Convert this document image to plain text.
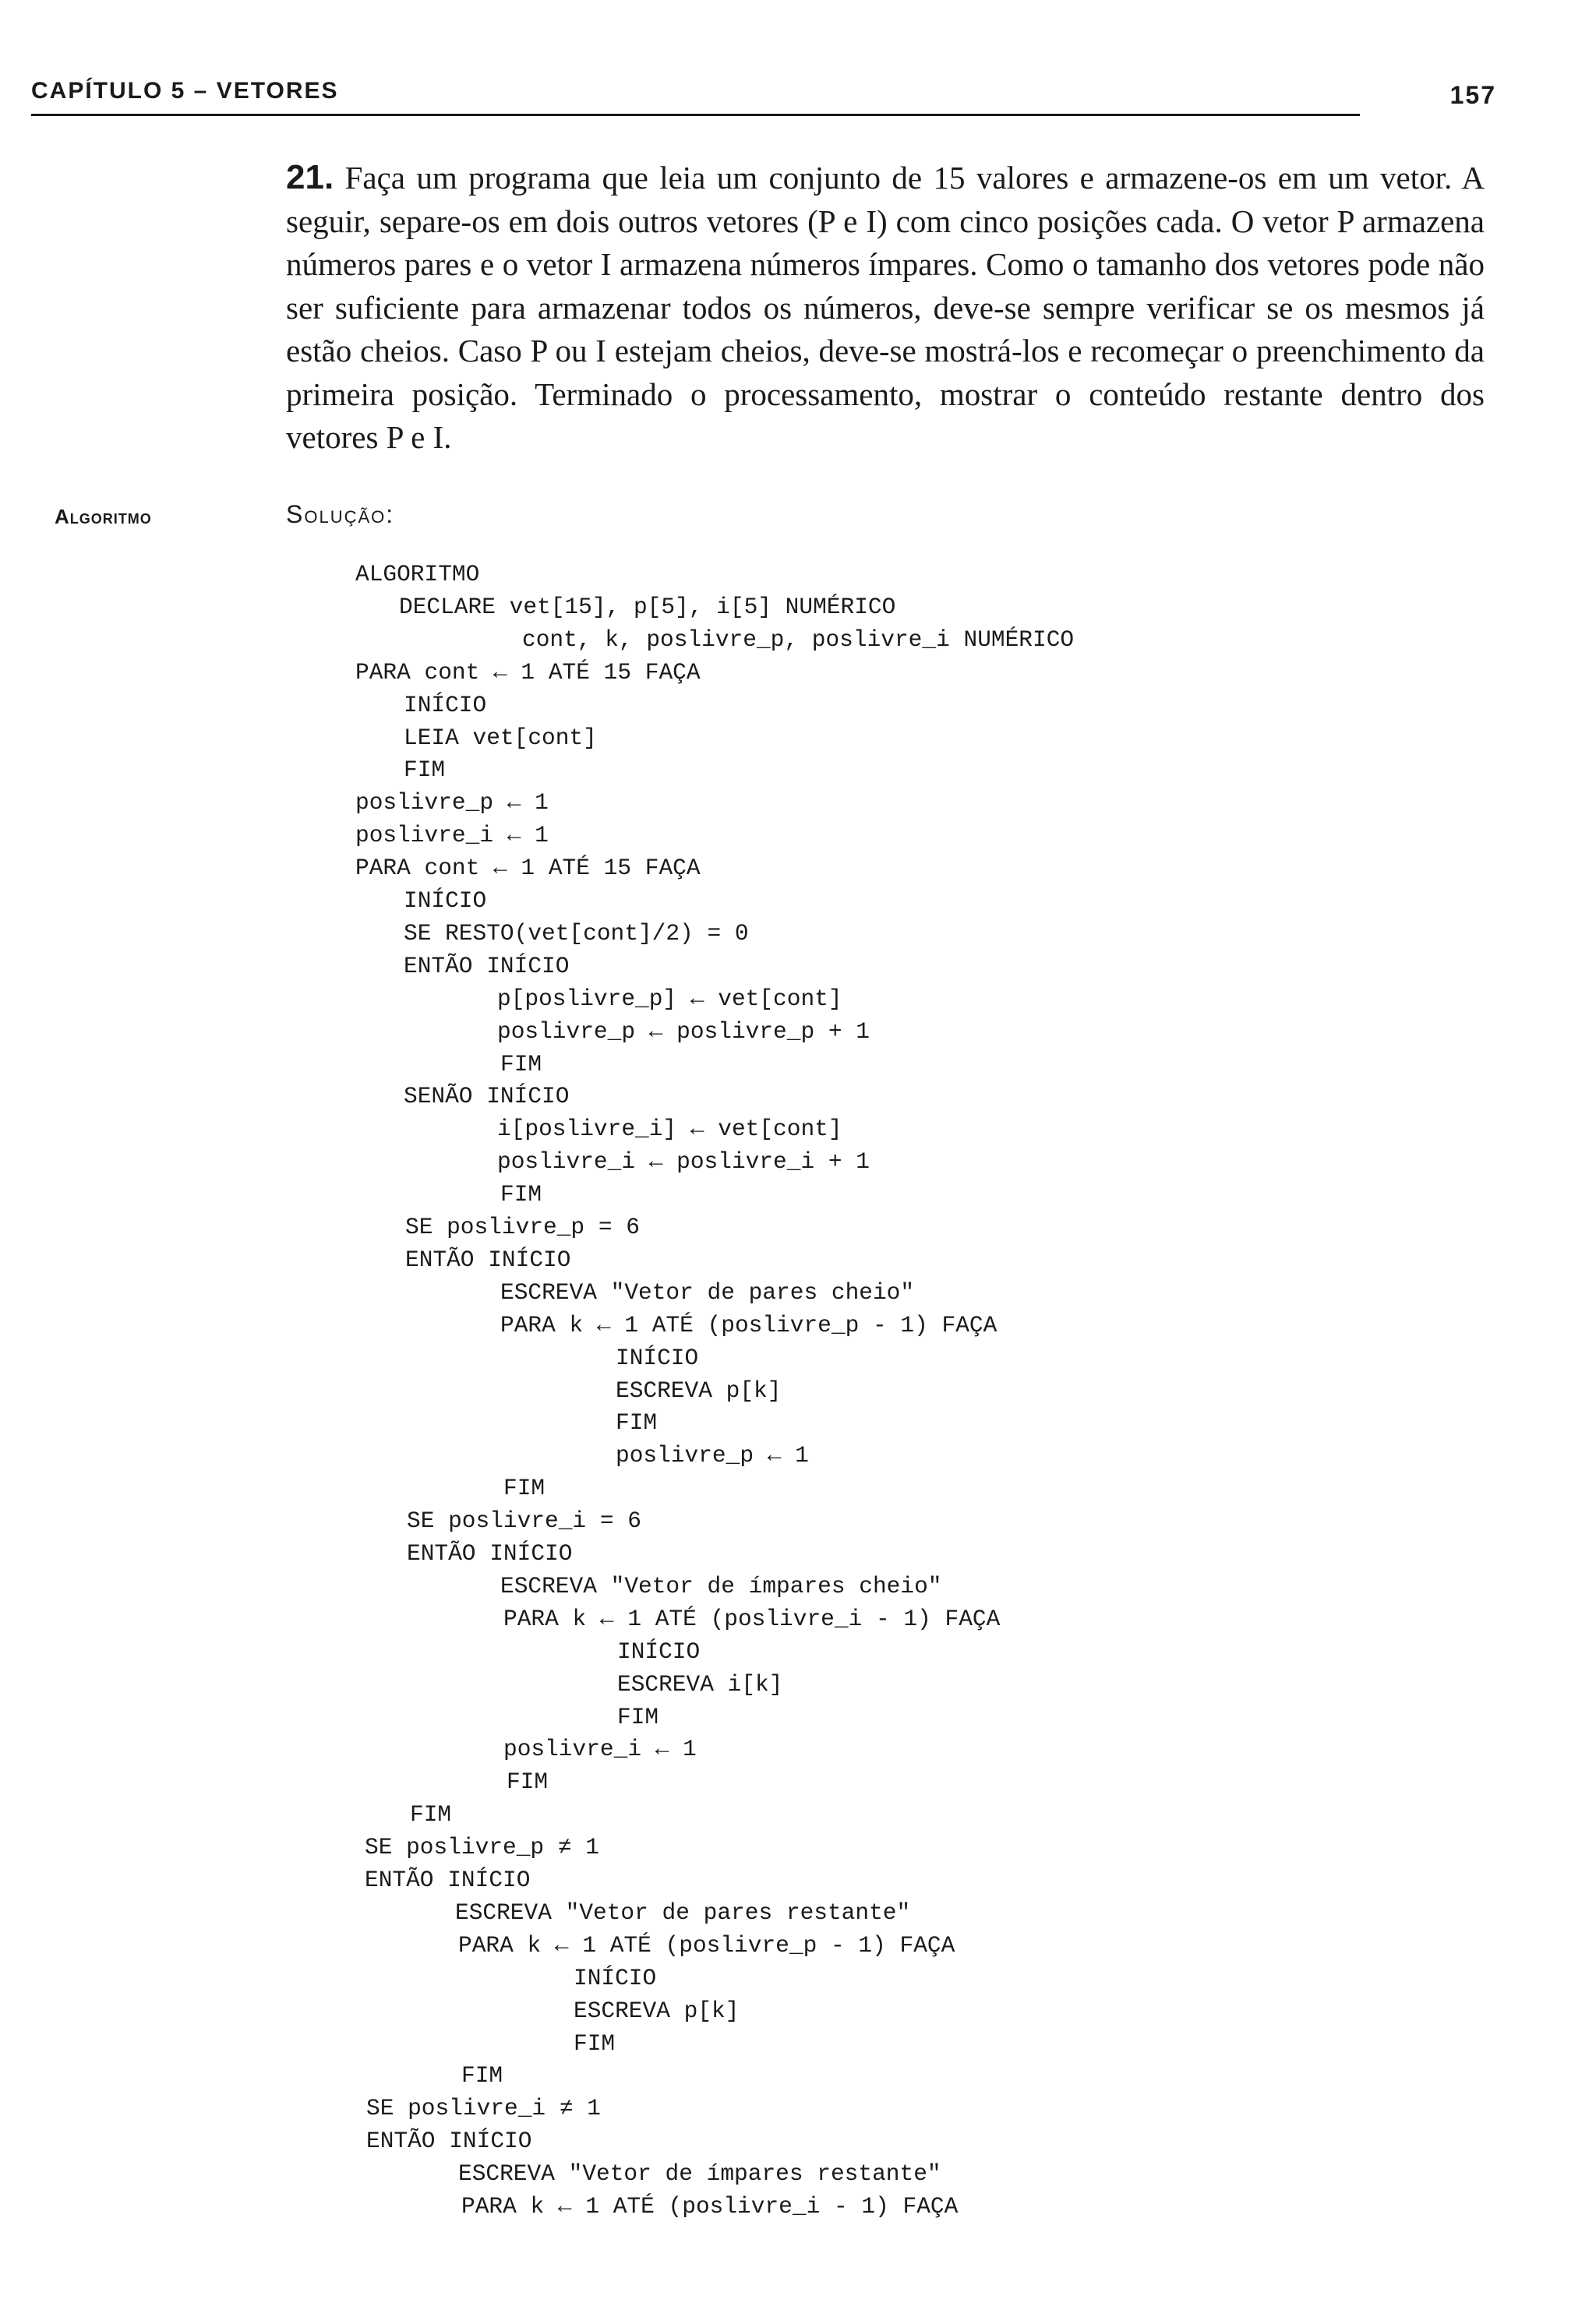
CAPÍTULO 5 – VETORES	157
21. Faça um programa que leia um conjunto de 15 valores e armazene-os em um vetor. A seguir, separe-os em dois outros vetores (P e I) com cinco posições cada. O vetor P armazena números pares e o vetor I armazena números ímpares. Como o tamanho dos vetores pode não ser suficiente para armazenar todos os números, deve-se sempre verificar se os mesmos já estão cheios. Caso P ou I estejam cheios, deve-se mostrá-los e recomeçar o preenchimento da primeira posição. Terminado o processamento, mostrar o conteúdo restante dentro dos vetores P e I.
Algoritmo	Solução:
ALGORITMO
DECLARE vet[15], p[5], i[5] NUMÉRICO
cont, k, poslivre_p, poslivre_i NUMÉRICO
PARA cont ← 1 ATÉ 15 FAÇA
INÍCIO
LEIA vet[cont]
FIM
poslivre_p ← 1
poslivre_i ← 1
PARA cont ← 1 ATÉ 15 FAÇA
INÍCIO
SE RESTO(vet[cont]/2) = 0
ENTÃO INÍCIO
p[poslivre_p] ← vet[cont]
poslivre_p ← poslivre_p + 1
FIM
SENÃO INÍCIO
i[poslivre_i] ← vet[cont]
poslivre_i ← poslivre_i + 1
FIM
SE poslivre_p = 6
ENTÃO INÍCIO
ESCREVA "Vetor de pares cheio"
PARA k ← 1 ATÉ (poslivre_p - 1) FAÇA
INÍCIO
ESCREVA p[k]
FIM
poslivre_p ← 1
FIM
SE poslivre_i = 6
ENTÃO INÍCIO
ESCREVA "Vetor de ímpares cheio"
PARA k ← 1 ATÉ (poslivre_i - 1) FAÇA
INÍCIO
ESCREVA i[k]
FIM
poslivre_i ← 1
FIM
FIM
SE poslivre_p ≠ 1
ENTÃO INÍCIO
ESCREVA "Vetor de pares restante"
PARA k ← 1 ATÉ (poslivre_p - 1) FAÇA
INÍCIO
ESCREVA p[k]
FIM
FIM
SE poslivre_i ≠ 1
ENTÃO INÍCIO
ESCREVA "Vetor de ímpares restante"
PARA k ← 1 ATÉ (poslivre_i - 1) FAÇA
